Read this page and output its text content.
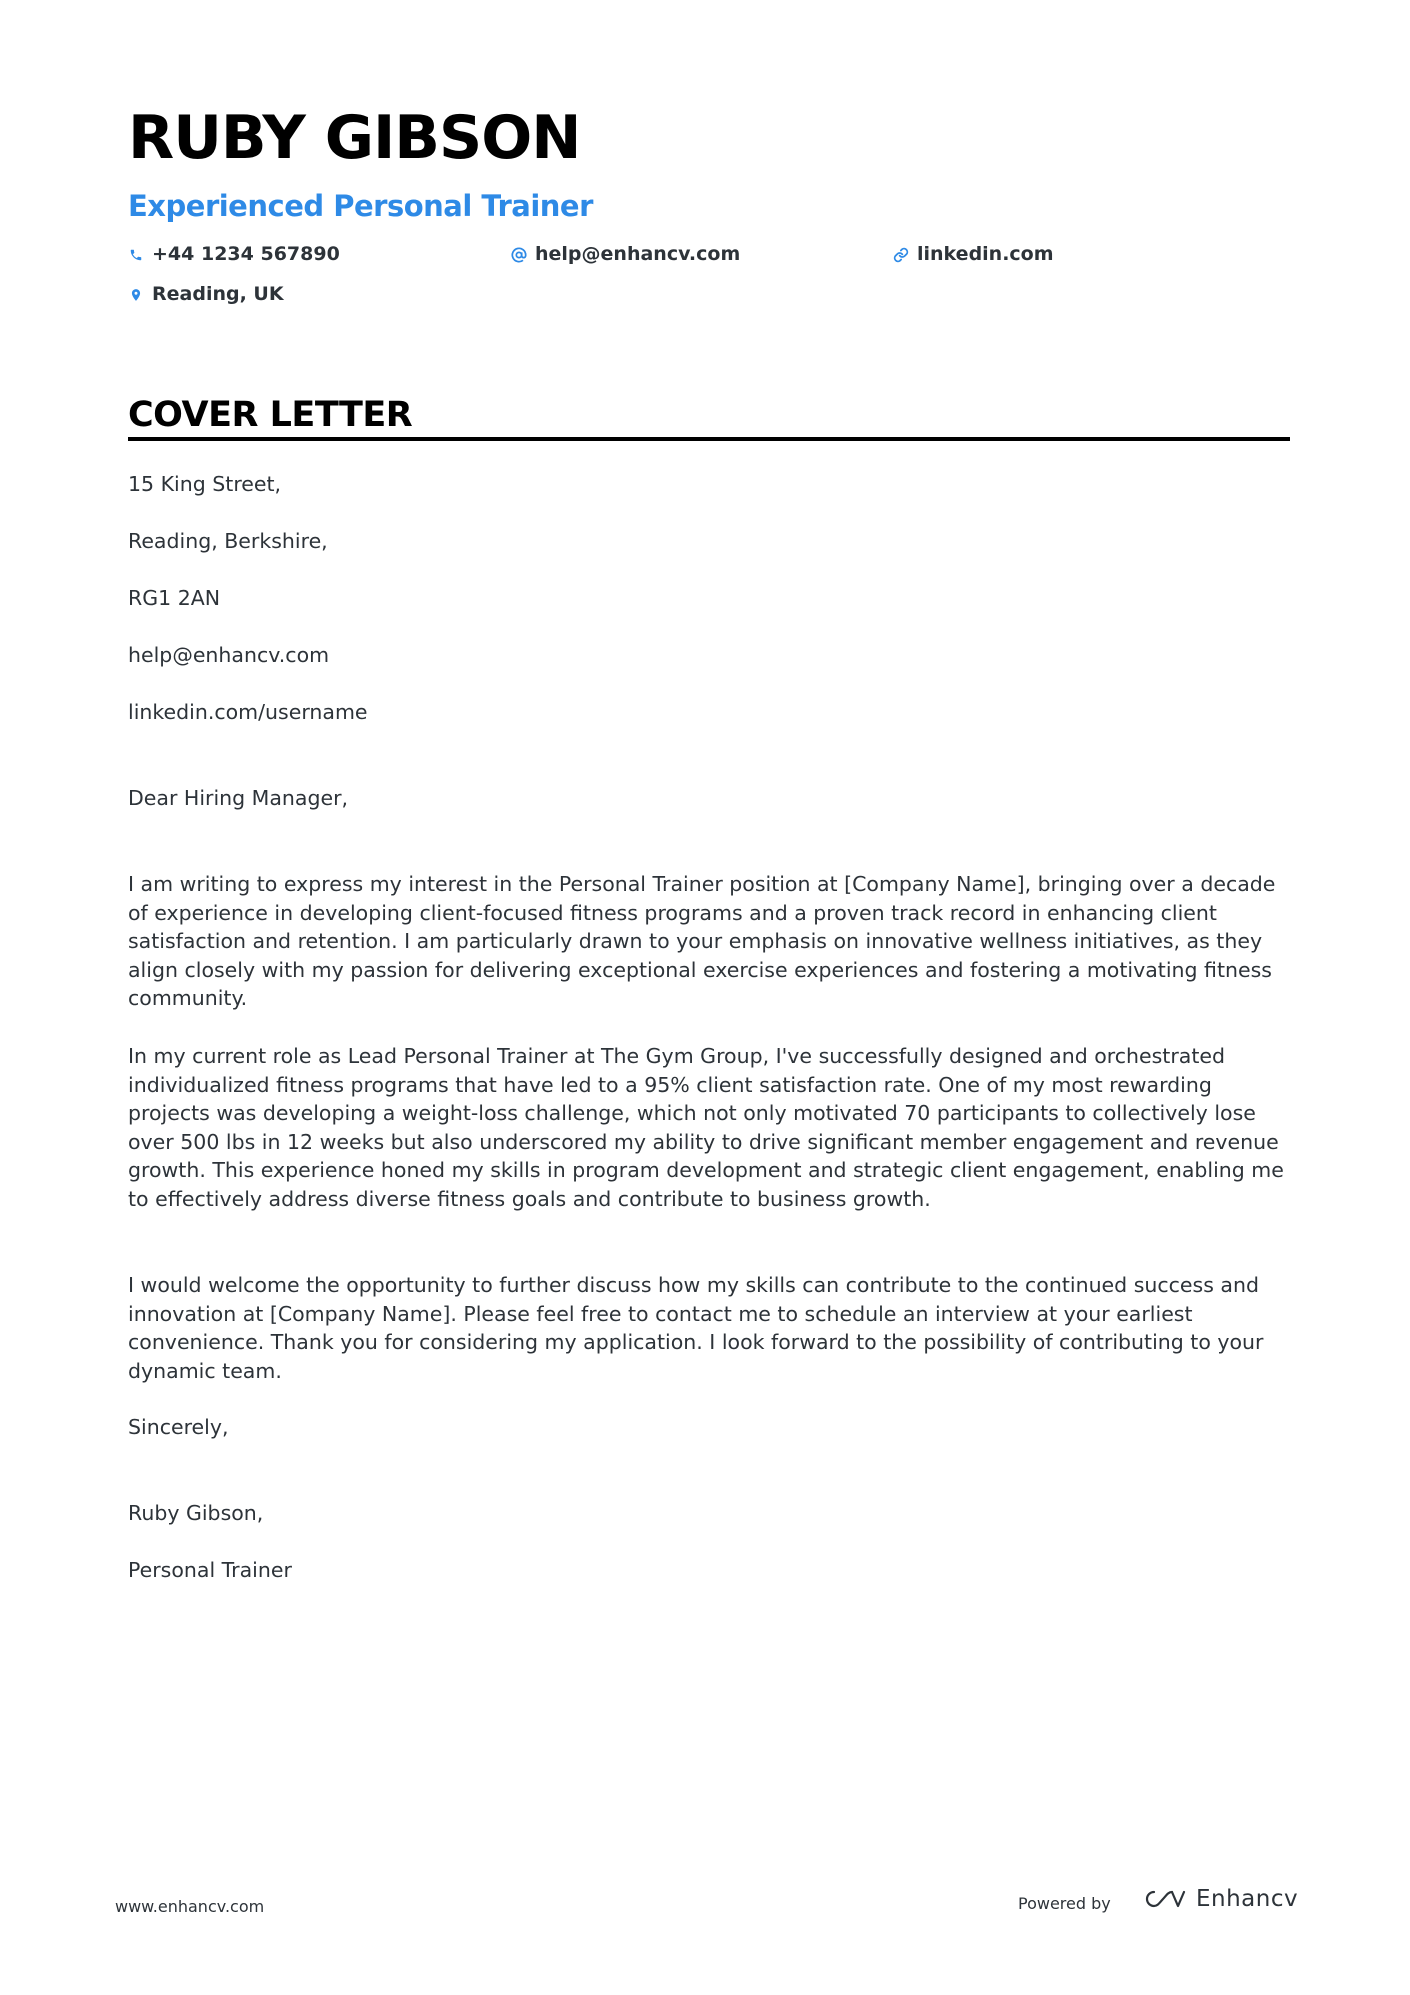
RUBY GIBSON
Experienced Personal Trainer
+44 1234 567890	help@enhancv.com	linkedin.com
Reading, UK
COVER LETTER

15 King Street,

Reading, Berkshire,

RG1 2AN

help@enhancv.com

linkedin.com/username

Dear Hiring Manager,

I am writing to express my interest in the Personal Trainer position at [Company Name], bringing over a decade of experience in developing client-focused fitness programs and a proven track record in enhancing client satisfaction and retention. I am particularly drawn to your emphasis on innovative wellness initiatives, as they align closely with my passion for delivering exceptional exercise experiences and fostering a motivating fitness community.

In my current role as Lead Personal Trainer at The Gym Group, I've successfully designed and orchestrated individualized fitness programs that have led to a 95% client satisfaction rate. One of my most rewarding projects was developing a weight-loss challenge, which not only motivated 70 participants to collectively lose over 500 lbs in 12 weeks but also underscored my ability to drive significant member engagement and revenue growth. This experience honed my skills in program development and strategic client engagement, enabling me to effectively address diverse fitness goals and contribute to business growth.

I would welcome the opportunity to further discuss how my skills can contribute to the continued success and innovation at [Company Name]. Please feel free to contact me to schedule an interview at your earliest convenience. Thank you for considering my application. I look forward to the possibility of contributing to your dynamic team.

Sincerely,

Ruby Gibson,

Personal Trainer

www.enhancv.com	Powered by	Enhancv
